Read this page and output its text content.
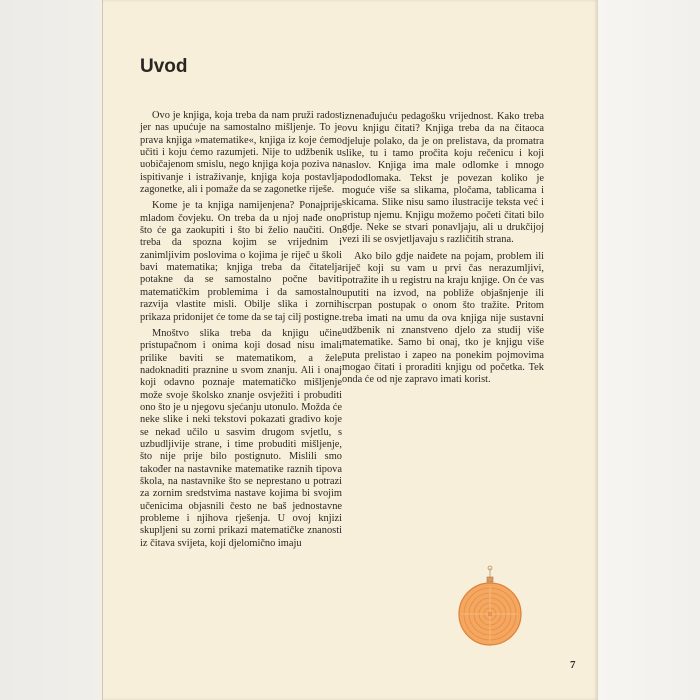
Uvod

Ovo je knjiga, koja treba da nam pruži radost jer nas upućuje na samostalno mišljenje. To je prava knjiga »matematike«, knjiga iz koje ćemo učiti i koju ćemo razumjeti. Nije to udžbenik u uobičajenom smislu, nego knjiga koja poziva na ispitivanje i istraživanje, knjiga koja postavlja zagonetke, ali i pomaže da se zagonetke riješe.

Kome je ta knjiga namijenjena? Ponajprije mladom čovjeku. On treba da u njoj nađe ono što će ga zaokupiti i što bi želio naučiti. On treba da spozna kojim se vrijednim i zanimljivim poslovima o kojima je riječ u školi bavi matematika; knjiga treba da čitatelja potakne da se samostalno počne baviti matematičkim problemima i da samostalno razvija vlastite misli. Obilje slika i zornih prikaza pridonijet će tome da se taj cilj postigne.

Mnoštvo slika treba da knjigu učine pristupačnom i onima koji dosad nisu imali prilike baviti se matematikom, a žele nadoknaditi praznine u svom znanju. Ali i onaj koji odavno poznaje matematičko mišljenje može svoje školsko znanje osvježiti i probuditi ono što je u njegovu sjećanju utonulo. Možda će neke slike i neki tekstovi pokazati gradivo koje se nekad učilo u sasvim drugom svjetlu, s uzbudljivije strane, i time probuditi mišljenje, što nije prije bilo postignuto. Mislili smo također na nastavnike matematike raznih tipova škola, na nastavnike što se neprestano u potrazi za zornim sredstvima nastave kojima bi svojim učenicima objasnili često ne baš jednostavne probleme i njihova rješenja. U ovoj knjizi skupljeni su zorni prikazi matematičke znanosti iz čitava svijeta, koji djelomično imaju

iznenađujuću pedagošku vrijednost. Kako treba ovu knjigu čitati? Knjiga treba da na čitaoca djeluje polako, da je on prelistava, da promatra slike, tu i tamo pročita koju rečenicu i koji naslov. Knjiga ima male odlomke i mnogo pododlomaka. Tekst je povezan koliko je moguće više sa slikama, pločama, tablicama i skicama. Slike nisu samo ilustracije teksta već i pristup njemu. Knjigu možemo početi čitati bilo gdje. Neke se stvari ponavljaju, ali u drukčijoj vezi ili se osvjetljavaju s različitih strana.

Ako bilo gdje naiđete na pojam, problem ili riječ koji su vam u prvi čas nerazumljivi, potražite ih u registru na kraju knjige. On će vas uputiti na izvod, na pobliže objašnjenje ili iscrpan postupak o onom što tražite. Pritom treba imati na umu da ova knjiga nije sustavni udžbenik ni znanstveno djelo za studij više matematike. Samo bi onaj, tko je knjigu više puta prelistao i zapeo na ponekim pojmovima mogao čitati i proraditi knjigu od početka. Tek onda će od nje zapravo imati korist.

7
